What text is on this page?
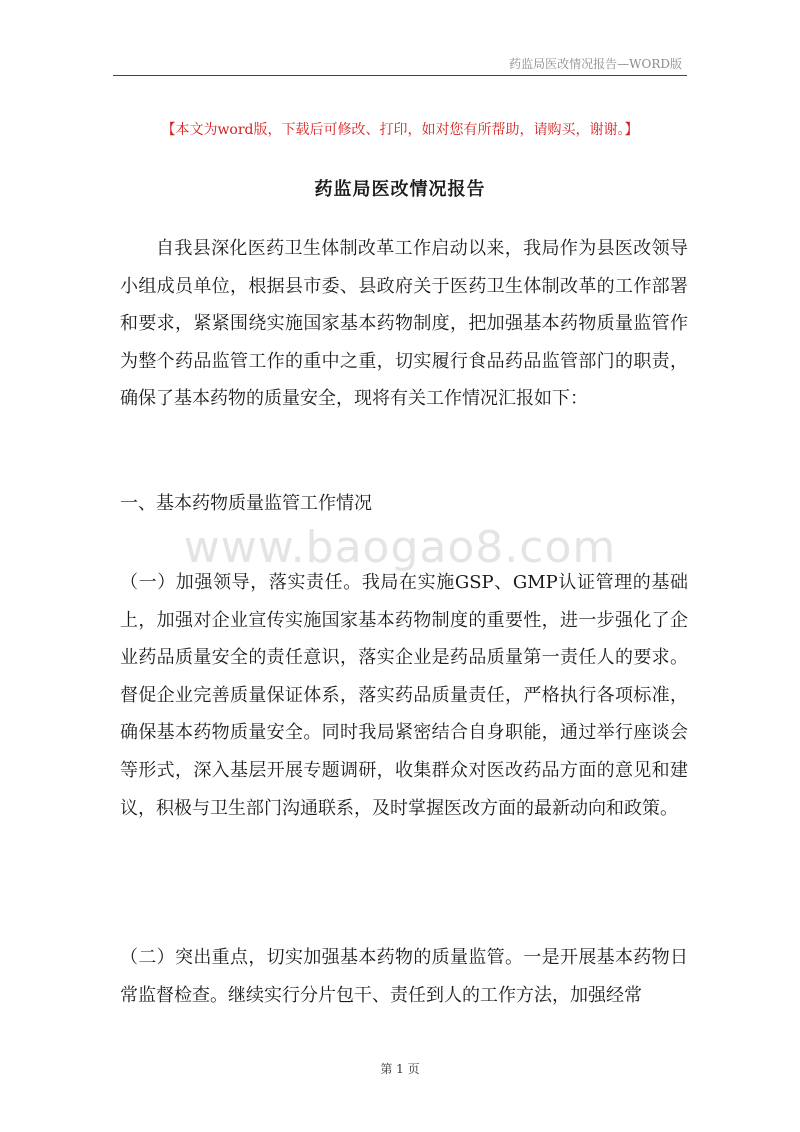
药监局医改情况报告—WORD版
【本文为word版，下载后可修改、打印，如对您有所帮助，请购买，谢谢。】
药监局医改情况报告

自我县深化医药卫生体制改革工作启动以来，我局作为县医改领导小组成员单位，根据县市委、县政府关于医药卫生体制改革的工作部署和要求，紧紧围绕实施国家基本药物制度，把加强基本药物质量监管作为整个药品监管工作的重中之重，切实履行食品药品监管部门的职责，确保了基本药物的质量安全，现将有关工作情况汇报如下：

一、基本药物质量监管工作情况

www.baogao8.com

（一）加强领导，落实责任。我局在实施GSP、GMP认证管理的基础上，加强对企业宣传实施国家基本药物制度的重要性，进一步强化了企业药品质量安全的责任意识，落实企业是药品质量第一责任人的要求。督促企业完善质量保证体系，落实药品质量责任，严格执行各项标准，确保基本药物质量安全。同时我局紧密结合自身职能，通过举行座谈会等形式，深入基层开展专题调研，收集群众对医改药品方面的意见和建议，积极与卫生部门沟通联系，及时掌握医改方面的最新动向和政策。

（二）突出重点，切实加强基本药物的质量监管。一是开展基本药物日常监督检查。继续实行分片包干、责任到人的工作方法，加强经常

第 1 页
